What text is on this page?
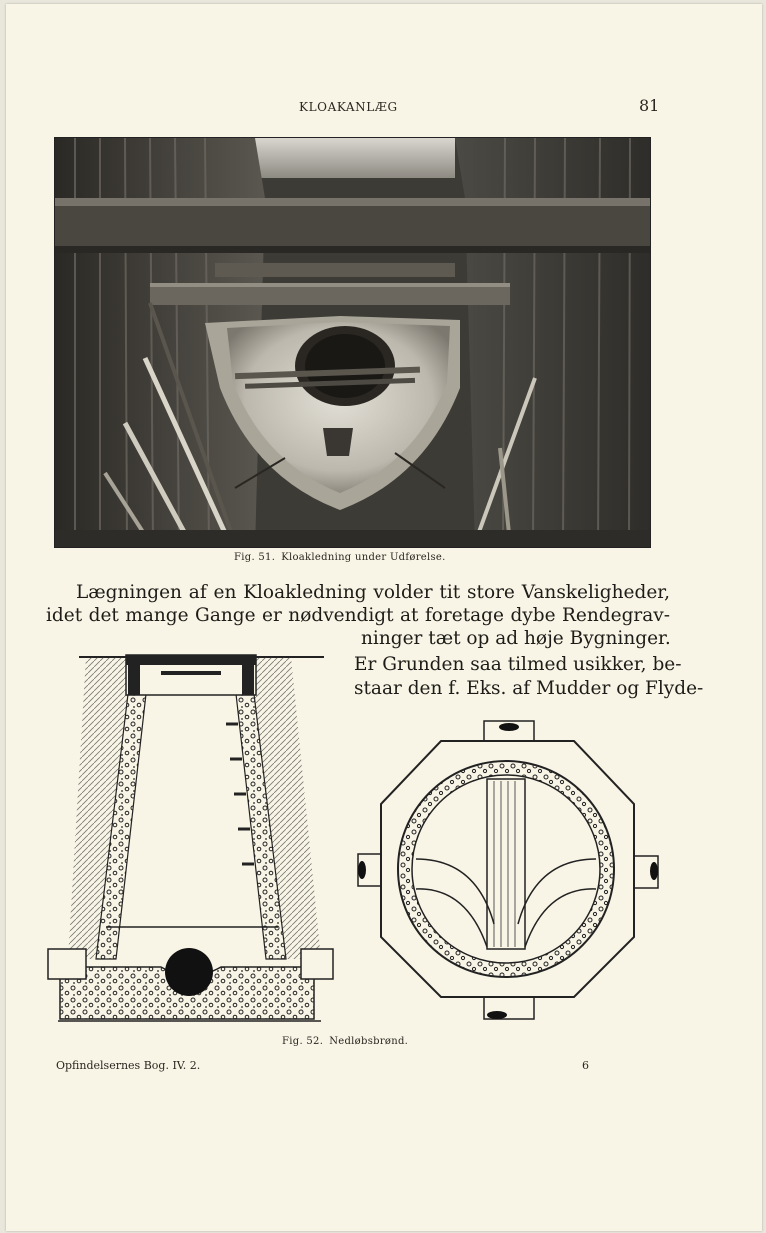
KLOAKANLÆG	81
Fig. 51. Kloakledning under Udførelse.
Lægningen af en Kloakledning volder tit store Vanskeligheder,
idet det mange Gange er nødvendigt at foretage dybe Rendegrav-
ninger tæt op ad høje Bygninger.
Er Grunden saa tilmed usikker, be-
staar den f. Eks. af Mudder og Flyde-
Fig. 52. Nedløbsbrønd.
Opfindelsernes Bog. IV. 2.	6
